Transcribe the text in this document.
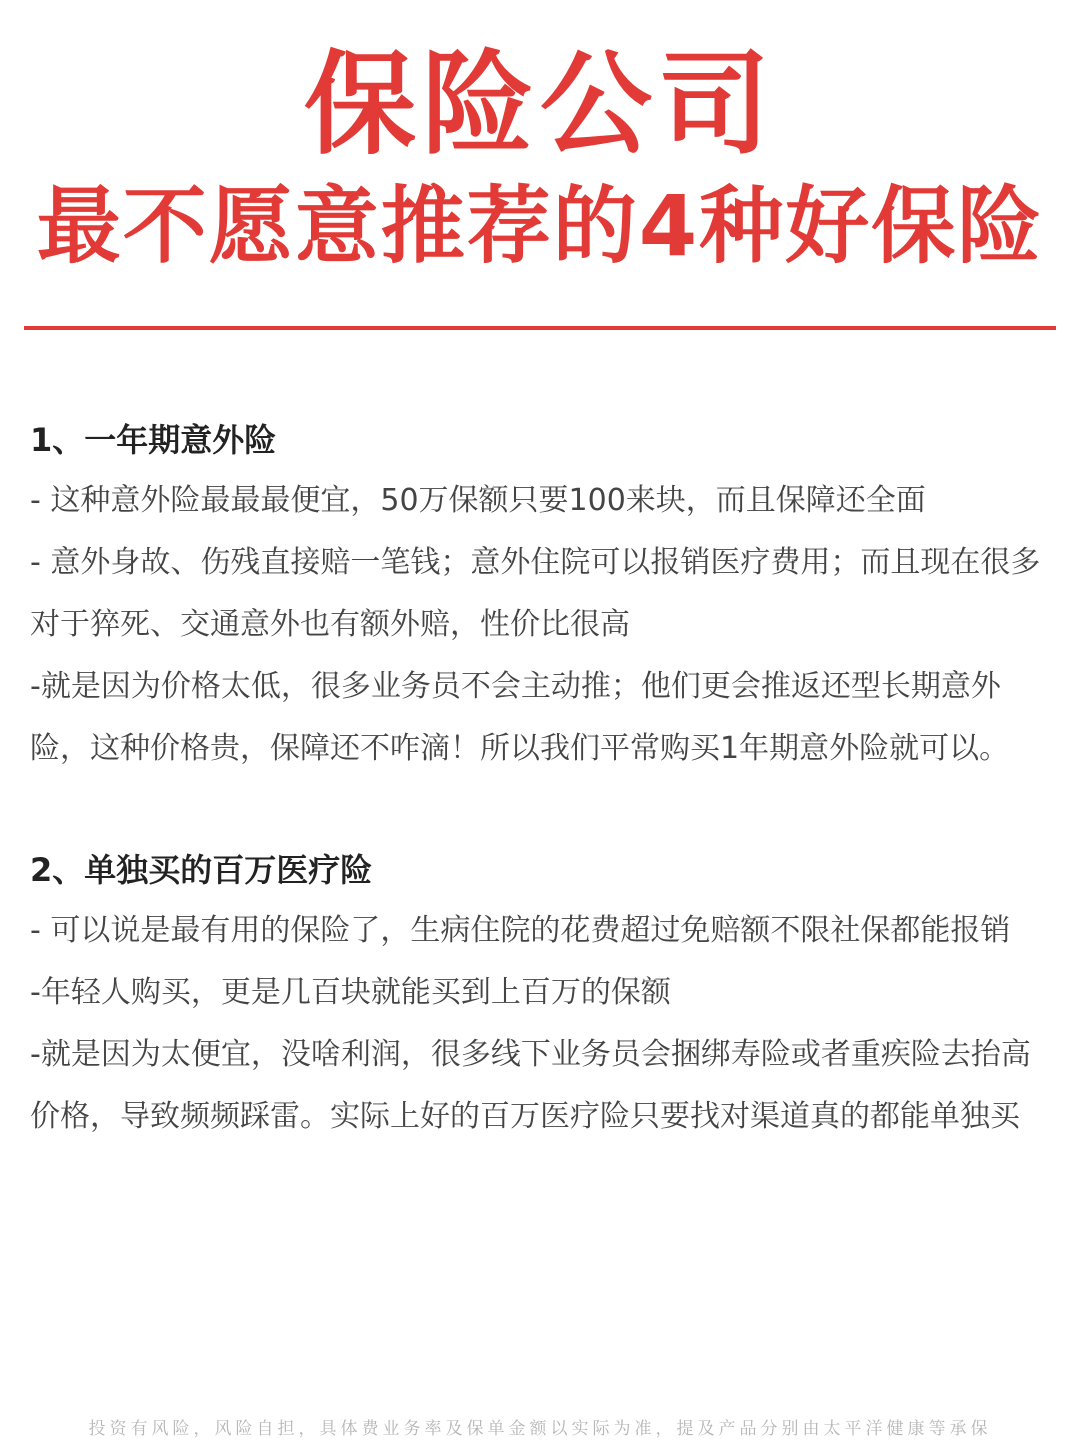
保险公司
最不愿意推荐的4种好保险
1、一年期意外险

- 这种意外险最最最便宜，50万保额只要100来块，而且保障还全面

- 意外身故、伤残直接赔一笔钱；意外住院可以报销医疗费用；而且现在很多对于猝死、交通意外也有额外赔，性价比很高

-就是因为价格太低，很多业务员不会主动推；他们更会推返还型长期意外险，这种价格贵，保障还不咋滴！所以我们平常购买1年期意外险就可以。

2、单独买的百万医疗险

- 可以说是最有用的保险了，生病住院的花费超过免赔额不限社保都能报销

-年轻人购买，更是几百块就能买到上百万的保额

-就是因为太便宜，没啥利润，很多线下业务员会捆绑寿险或者重疾险去抬高价格，导致频频踩雷。实际上好的百万医疗险只要找对渠道真的都能单独买

投资有风险，风险自担，具体费业务率及保单金额以实际为准，提及产品分别由太平洋健康等承保
